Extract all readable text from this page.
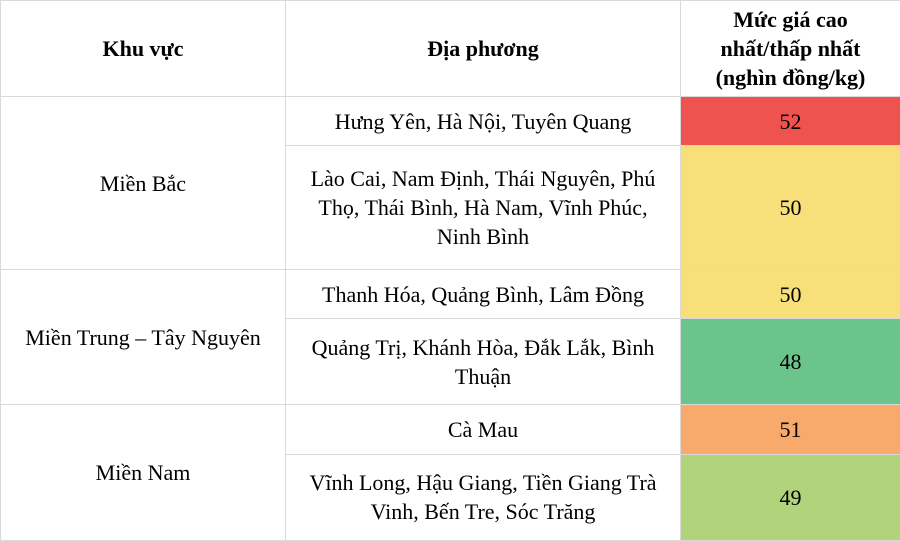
Khu vực	Địa phương	Mức giá cao
nhất/thấp nhất
(nghìn đồng/kg)

Miền Bắc	Hưng Yên, Hà Nội, Tuyên Quang	52
	Lào Cai, Nam Định, Thái Nguyên, Phú Thọ, Thái Bình, Hà Nam, Vĩnh Phúc, Ninh Bình	50
Miền Trung – Tây Nguyên	Thanh Hóa, Quảng Bình, Lâm Đồng	50
	Quảng Trị, Khánh Hòa, Đắk Lắk, Bình Thuận	48
Miền Nam	Cà Mau	51
	Vĩnh Long, Hậu Giang, Tiền Giang Trà Vinh, Bến Tre, Sóc Trăng	49
